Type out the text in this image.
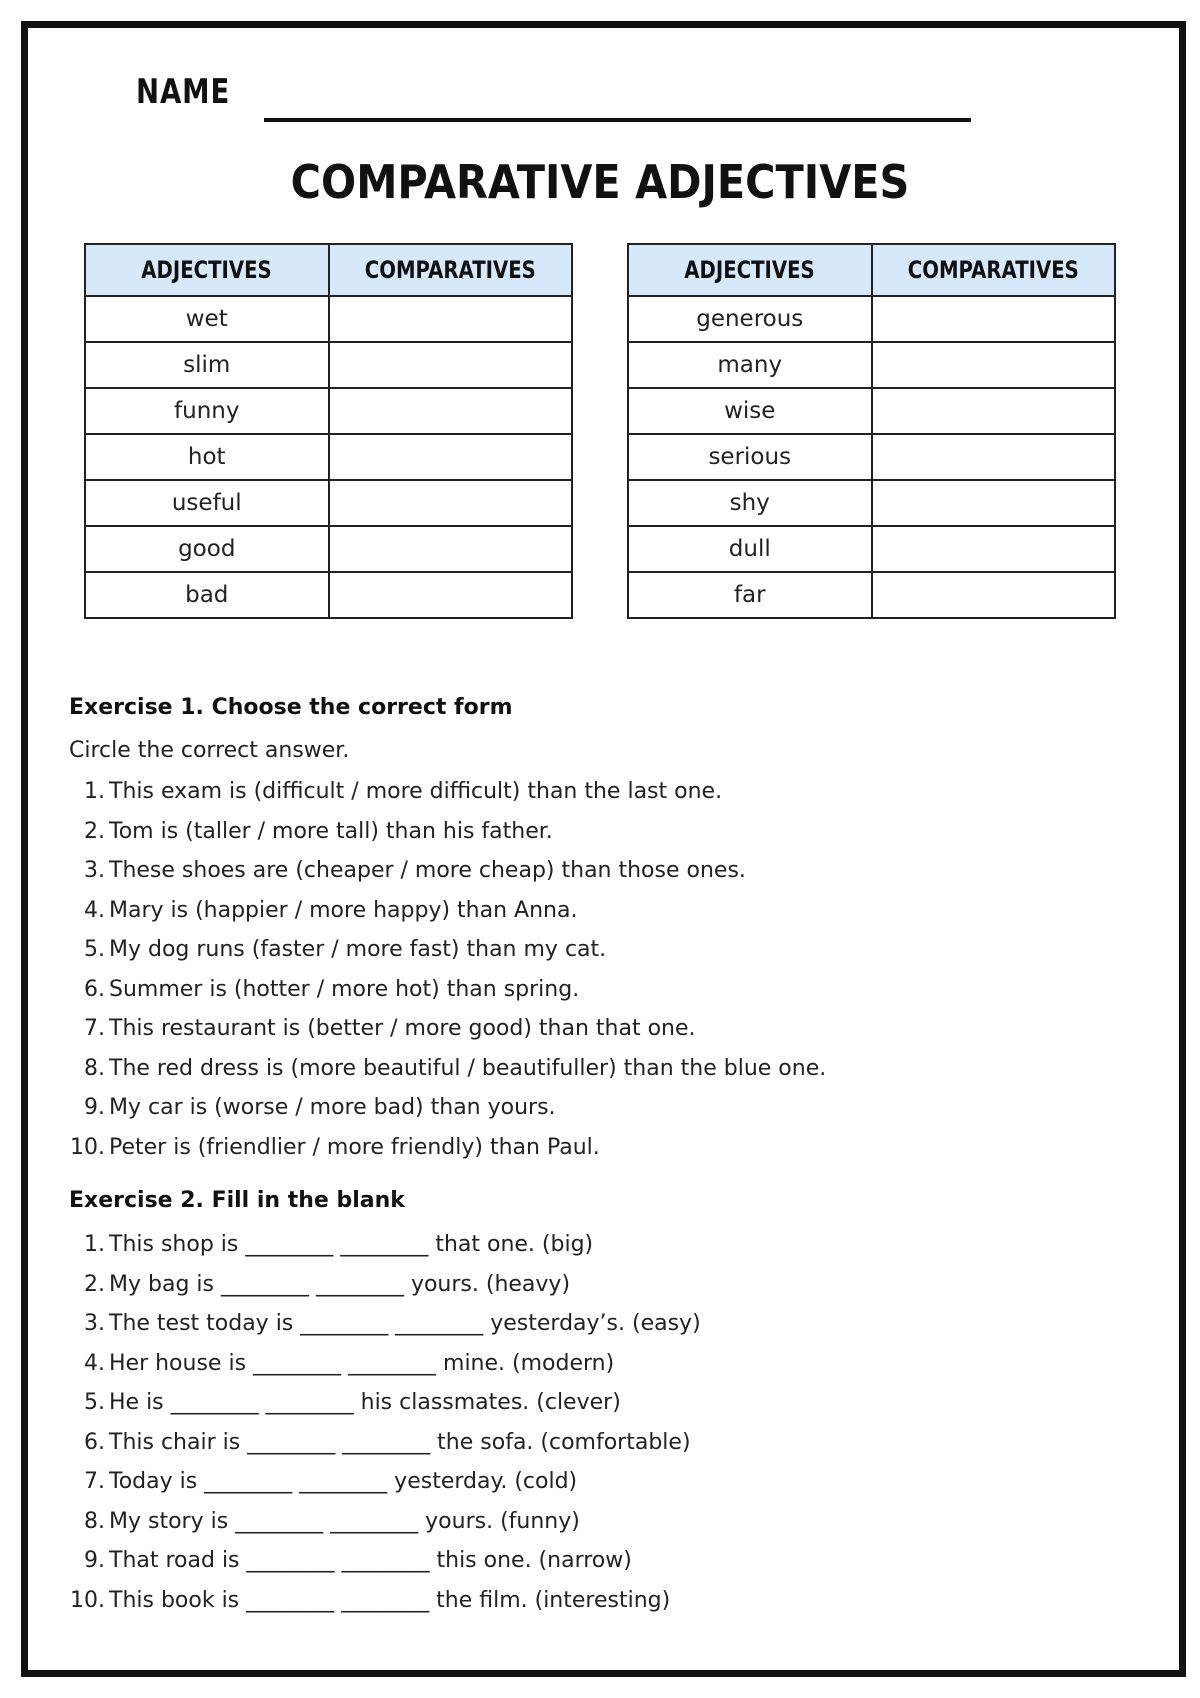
NAME
COMPARATIVE ADJECTIVES
ADJECTIVES	COMPARATIVES
wet	
slim	
funny	
hot	
useful	
good	
bad	
ADJECTIVES	COMPARATIVES
generous	
many	
wise	
serious	
shy	
dull	
far	
Exercise 1. Choose the correct form
Circle the correct answer.
1. This exam is (difficult / more difficult) than the last one.
2. Tom is (taller / more tall) than his father.
3. These shoes are (cheaper / more cheap) than those ones.
4. Mary is (happier / more happy) than Anna.
5. My dog runs (faster / more fast) than my cat.
6. Summer is (hotter / more hot) than spring.
7. This restaurant is (better / more good) than that one.
8. The red dress is (more beautiful / beautifuller) than the blue one.
9. My car is (worse / more bad) than yours.
10. Peter is (friendlier / more friendly) than Paul.
Exercise 2. Fill in the blank
1. This shop is ________ ________ that one. (big)
2. My bag is ________ ________ yours. (heavy)
3. The test today is ________ ________ yesterday’s. (easy)
4. Her house is ________ ________ mine. (modern)
5. He is ________ ________ his classmates. (clever)
6. This chair is ________ ________ the sofa. (comfortable)
7. Today is ________ ________ yesterday. (cold)
8. My story is ________ ________ yours. (funny)
9. That road is ________ ________ this one. (narrow)
10. This book is ________ ________ the film. (interesting)
